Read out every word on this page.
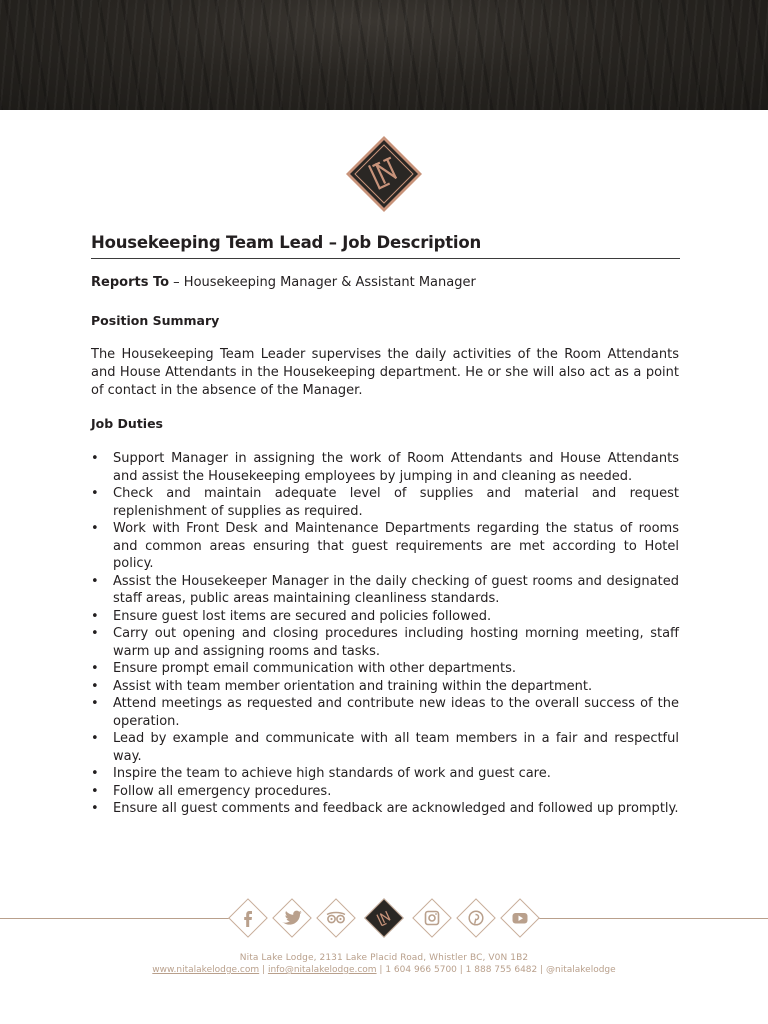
Housekeeping Team Lead – Job Description
Reports To – Housekeeping Manager & Assistant Manager
Position Summary

The Housekeeping Team Leader supervises the daily activities of the Room Attendants and House Attendants in the Housekeeping department. He or she will also act as a point of contact in the absence of the Manager.

Job Duties
• Support Manager in assigning the work of Room Attendants and House Attendants and assist the Housekeeping employees by jumping in and cleaning as needed.
• Check and maintain adequate level of supplies and material and request replenishment of supplies as required.
• Work with Front Desk and Maintenance Departments regarding the status of rooms and common areas ensuring that guest requirements are met according to Hotel policy.
• Assist the Housekeeper Manager in the daily checking of guest rooms and designated staff areas, public areas maintaining cleanliness standards.
• Ensure guest lost items are secured and policies followed.
• Carry out opening and closing procedures including hosting morning meeting, staff warm up and assigning rooms and tasks.
• Ensure prompt email communication with other departments.
• Assist with team member orientation and training within the department.
• Attend meetings as requested and contribute new ideas to the overall success of the operation.
• Lead by example and communicate with all team members in a fair and respectful way.
• Inspire the team to achieve high standards of work and guest care.
• Follow all emergency procedures.
• Ensure all guest comments and feedback are acknowledged and followed up promptly.
Nita Lake Lodge, 2131 Lake Placid Road, Whistler BC, V0N 1B2
www.nitalakelodge.com | info@nitalakelodge.com | 1 604 966 5700 | 1 888 755 6482 | @nitalakelodge
